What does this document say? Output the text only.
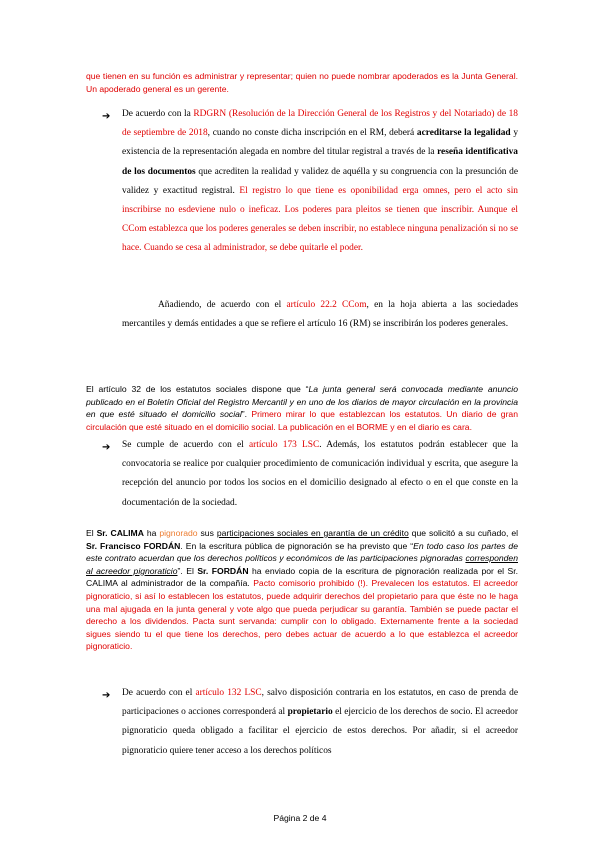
que tienen en su función es administrar y representar; quien no puede nombrar apoderados es la Junta General. Un apoderado general es un gerente.

➔ De acuerdo con la RDGRN (Resolución de la Dirección General de los Registros y del Notariado) de 18 de septiembre de 2018, cuando no conste dicha inscripción en el RM, deberá acreditarse la legalidad y existencia de la representación alegada en nombre del titular registral a través de la reseña identificativa de los documentos que acrediten la realidad y validez de aquélla y su congruencia con la presunción de validez y exactitud registral. El registro lo que tiene es oponibilidad erga omnes, pero el acto sin inscribirse no esdeviene nulo o ineficaz. Los poderes para pleitos se tienen que inscribir. Aunque el CCom establezca que los poderes generales se deben inscribir, no establece ninguna penalización si no se hace. Cuando se cesa al administrador, se debe quitarle el poder.

Añadiendo, de acuerdo con el artículo 22.2 CCom, en la hoja abierta a las sociedades mercantiles y demás entidades a que se refiere el artículo 16 (RM) se inscribirán los poderes generales.

El artículo 32 de los estatutos sociales dispone que “La junta general será convocada mediante anuncio publicado en el Boletín Oficial del Registro Mercantil y en uno de los diarios de mayor circulación en la provincia en que esté situado el domicilio social”. Primero mirar lo que establezcan los estatutos. Un diario de gran circulación que esté situado en el domicilio social. La publicación en el BORME y en el diario es cara.

➔ Se cumple de acuerdo con el artículo 173 LSC. Además, los estatutos podrán establecer que la convocatoria se realice por cualquier procedimiento de comunicación individual y escrita, que asegure la recepción del anuncio por todos los socios en el domicilio designado al efecto o en el que conste en la documentación de la sociedad.

El Sr. CALIMA ha pignorado sus participaciones sociales en garantía de un crédito que solicitó a su cuñado, el Sr. Francisco FORDÁN. En la escritura pública de pignoración se ha previsto que “En todo caso los partes de este contrato acuerdan que los derechos políticos y económicos de las participaciones pignoradas corresponden al acreedor pignoraticio”. El Sr. FORDÁN ha enviado copia de la escritura de pignoración realizada por el Sr. CALIMA al administrador de la compañía. Pacto comisorio prohibido (!). Prevalecen los estatutos. El acreedor pignoraticio, si así lo establecen los estatutos, puede adquirir derechos del propietario para que éste no le haga una mal ajugada en la junta general y vote algo que pueda perjudicar su garantía. También se puede pactar el derecho a los dividendos. Pacta sunt servanda: cumplir con lo obligado. Externamente frente a la sociedad sigues siendo tu el que tiene los derechos, pero debes actuar de acuerdo a lo que establezca el acreedor pignoraticio.

➔ De acuerdo con el artículo 132 LSC, salvo disposición contraria en los estatutos, en caso de prenda de participaciones o acciones corresponderá al propietario el ejercicio de los derechos de socio. El acreedor pignoraticio queda obligado a facilitar el ejercicio de estos derechos. Por añadir, si el acreedor pignoraticio quiere tener acceso a los derechos políticos

Página 2 de 4
